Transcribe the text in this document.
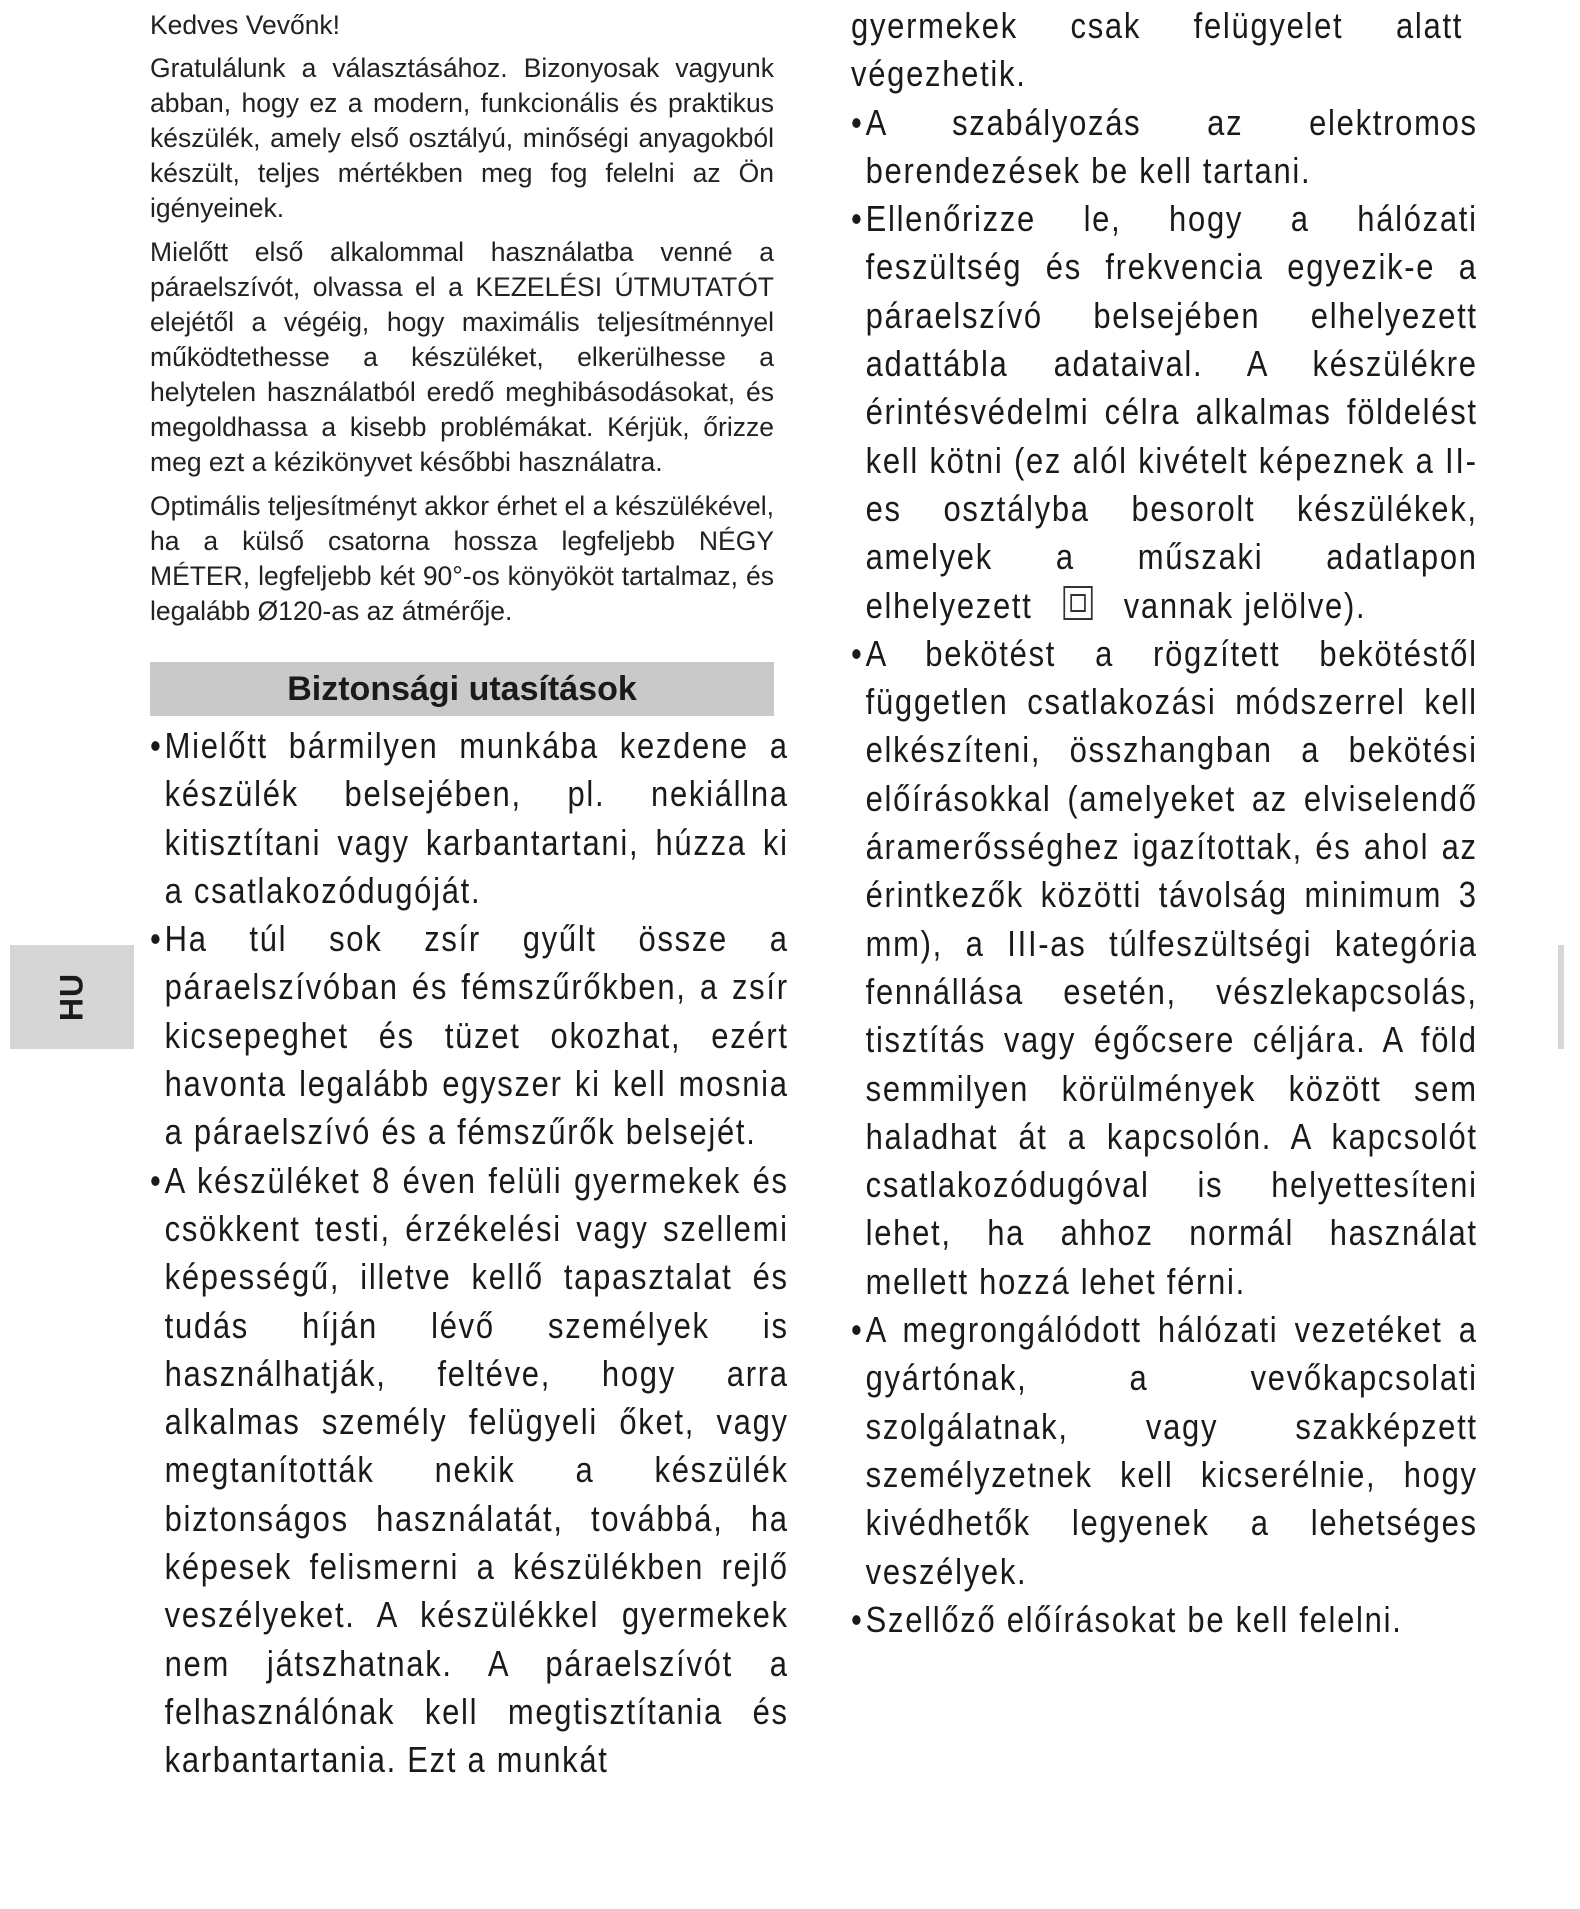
HU

Kedves Vevőnk!

Gratulálunk a választásához. Bizonyosak vagyunk abban, hogy ez a modern, funkcionális és praktikus készülék, amely első osztályú, minőségi anyagokból készült, teljes mértékben meg fog felelni az Ön igényeinek.

Mielőtt első alkalommal használatba venné a páraelszívót, olvassa el a KEZELÉSI ÚTMUTATÓT elejétől a végéig, hogy maximális teljesítménnyel működtethesse a készüléket, elkerülhesse a helytelen használatból eredő meghibásodásokat, és megoldhassa a kisebb problémákat. Kérjük, őrizze meg ezt a kézikönyvet későbbi használatra.

Optimális teljesítményt akkor érhet el a készülékével, ha a külső csatorna hossza legfeljebb NÉGY MÉTER, legfeljebb két 90°-os könyököt tartalmaz, és legalább Ø120-as az átmérője.

Biztonsági utasítások
• Mielőtt bármilyen munkába kezdene a készülék belsejében, pl. nekiállna kitisztítani vagy karbantartani, húzza ki a csatlakozódugóját.
• Ha túl sok zsír gyűlt össze a páraelszívóban és fémszűrőkben, a zsír kicsepeghet és tüzet okozhat, ezért havonta legalább egyszer ki kell mosnia a páraelszívó és a fémszűrők belsejét.
• A készüléket 8 éven felüli gyermekek és csökkent testi, érzékelési vagy szellemi képességű, illetve kellő tapasztalat és tudás híján lévő személyek is használhatják, feltéve, hogy arra alkalmas személy felügyeli őket, vagy megtanították nekik a készülék biztonságos használatát, továbbá, ha képesek felismerni a készülékben rejlő veszélyeket. A készülékkel gyermekek nem játszhatnak. A páraelszívót a felhasználónak kell megtisztítania és karbantartania. Ezt a munkát

gyermekek csak felügyelet alatt végezhetik.

• A szabályozás az elektromos berendezések be kell tartani.
• Ellenőrizze le, hogy a hálózati feszültség és frekvencia egyezik-e a páraelszívó belsejében elhelyezett adattábla adataival. A készülékre érintésvédelmi célra alkalmas földelést kell kötni (ez alól kivételt képeznek a II-es osztályba besorolt készülékek, amelyek a műszaki adatlapon elhelyezett	vannak jelölve).
• A bekötést a rögzített bekötéstől független csatlakozási módszerrel kell elkészíteni, összhangban a bekötési előírásokkal (amelyeket az elviselendő áramerősséghez igazítottak, és ahol az érintkezők közötti távolság minimum 3 mm), a III-as túlfeszültségi kategória fennállása esetén, vészlekapcsolás, tisztítás vagy égőcsere céljára. A föld semmilyen körülmények között sem haladhat át a kapcsolón. A kapcsolót csatlakozódugóval is helyettesíteni lehet, ha ahhoz normál használat mellett hozzá lehet férni.
• A megrongálódott hálózati vezetéket a gyártónak, a vevőkapcsolati szolgálatnak, vagy szakképzett személyzetnek kell kicserélnie, hogy kivédhetők legyenek a lehetséges veszélyek.
• Szellőző előírásokat be kell felelni.
